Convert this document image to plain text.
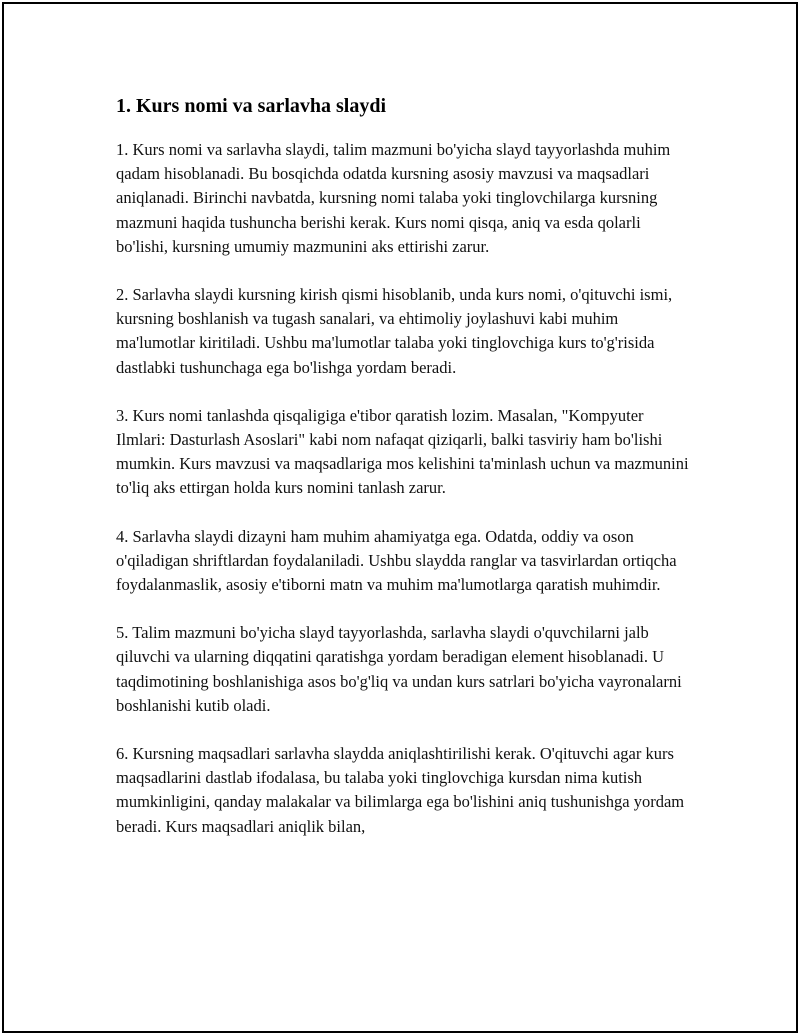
1. Kurs nomi va sarlavha slaydi

1. Kurs nomi va sarlavha slaydi, talim mazmuni bo'yicha slayd tayyorlashda muhim qadam hisoblanadi. Bu bosqichda odatda kursning asosiy mavzusi va maqsadlari aniqlanadi. Birinchi navbatda, kursning nomi talaba yoki tinglovchilarga kursning mazmuni haqida tushuncha berishi kerak. Kurs nomi qisqa, aniq va esda qolarli bo'lishi, kursning umumiy mazmunini aks ettirishi zarur.

2. Sarlavha slaydi kursning kirish qismi hisoblanib, unda kurs nomi, o'qituvchi ismi, kursning boshlanish va tugash sanalari, va ehtimoliy joylashuvi kabi muhim ma'lumotlar kiritiladi. Ushbu ma'lumotlar talaba yoki tinglovchiga kurs to'g'risida dastlabki tushunchaga ega bo'lishga yordam beradi.

3. Kurs nomi tanlashda qisqaligiga e'tibor qaratish lozim. Masalan, "Kompyuter Ilmlari: Dasturlash Asoslari" kabi nom nafaqat qiziqarli, balki tasviriy ham bo'lishi mumkin. Kurs mavzusi va maqsadlariga mos kelishini ta'minlash uchun va mazmunini to'liq aks ettirgan holda kurs nomini tanlash zarur.

4. Sarlavha slaydi dizayni ham muhim ahamiyatga ega. Odatda, oddiy va oson o'qiladigan shriftlardan foydalaniladi. Ushbu slaydda ranglar va tasvirlardan ortiqcha foydalanmaslik, asosiy e'tiborni matn va muhim ma'lumotlarga qaratish muhimdir.

5. Talim mazmuni bo'yicha slayd tayyorlashda, sarlavha slaydi o'quvchilarni jalb qiluvchi va ularning diqqatini qaratishga yordam beradigan element hisoblanadi. U taqdimotining boshlanishiga asos bo'g'liq va undan kurs satrlari bo'yicha vayronalarni boshlanishi kutib oladi.

6. Kursning maqsadlari sarlavha slaydda aniqlashtirilishi kerak. O'qituvchi agar kurs maqsadlarini dastlab ifodalasa, bu talaba yoki tinglovchiga kursdan nima kutish mumkinligini, qanday malakalar va bilimlarga ega bo'lishini aniq tushunishga yordam beradi. Kurs maqsadlari aniqlik bilan,
